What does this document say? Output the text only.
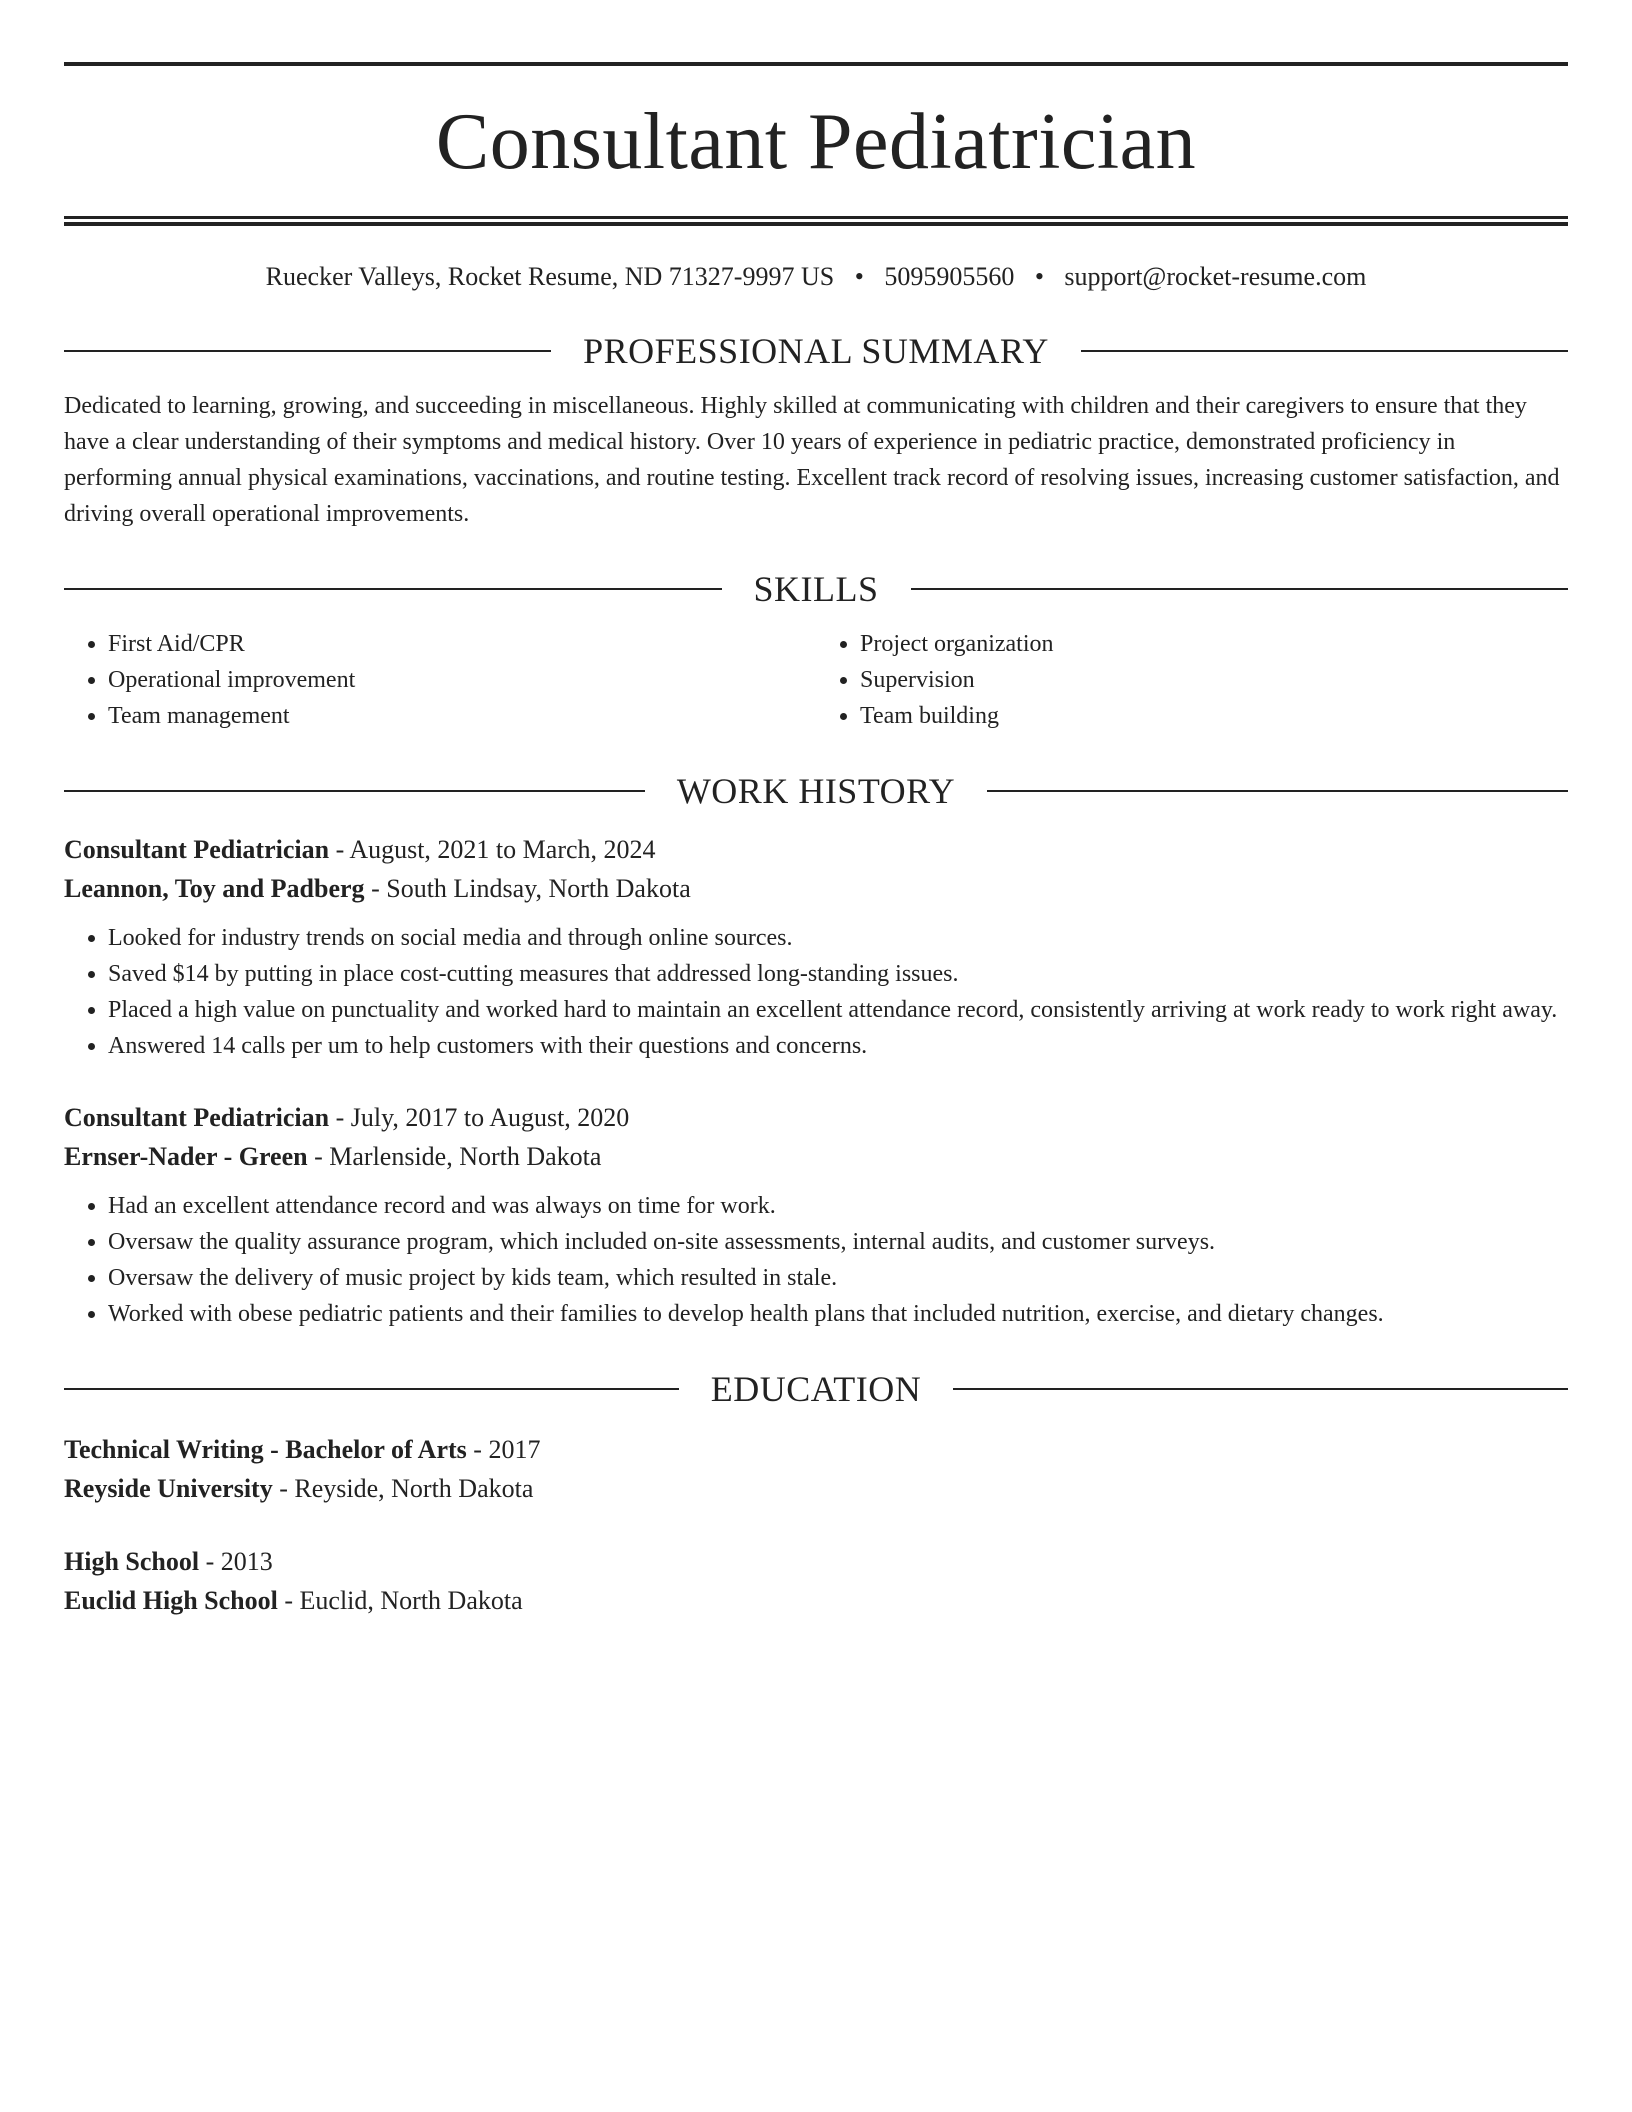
Consultant Pediatrician
Ruecker Valleys, Rocket Resume, ND 71327-9997 US • 5095905560 • support@rocket-resume.com
PROFESSIONAL SUMMARY

Dedicated to learning, growing, and succeeding in miscellaneous. Highly skilled at communicating with children and their caregivers to ensure that they have a clear understanding of their symptoms and medical history. Over 10 years of experience in pediatric practice, demonstrated proficiency in performing annual physical examinations, vaccinations, and routine testing. Excellent track record of resolving issues, increasing customer satisfaction, and driving overall operational improvements.

SKILLS
• First Aid/CPR
• Operational improvement
• Team management
• Project organization
• Supervision
• Team building
WORK HISTORY
Consultant Pediatrician - August, 2021 to March, 2024
Leannon, Toy and Padberg - South Lindsay, North Dakota
• Looked for industry trends on social media and through online sources.
• Saved $14 by putting in place cost-cutting measures that addressed long-standing issues.
• Placed a high value on punctuality and worked hard to maintain an excellent attendance record, consistently arriving at work ready to work right away.
• Answered 14 calls per um to help customers with their questions and concerns.
Consultant Pediatrician - July, 2017 to August, 2020
Ernser-Nader - Green - Marlenside, North Dakota
• Had an excellent attendance record and was always on time for work.
• Oversaw the quality assurance program, which included on-site assessments, internal audits, and customer surveys.
• Oversaw the delivery of music project by kids team, which resulted in stale.
• Worked with obese pediatric patients and their families to develop health plans that included nutrition, exercise, and dietary changes.
EDUCATION
Technical Writing - Bachelor of Arts - 2017
Reyside University - Reyside, North Dakota
High School - 2013
Euclid High School - Euclid, North Dakota
